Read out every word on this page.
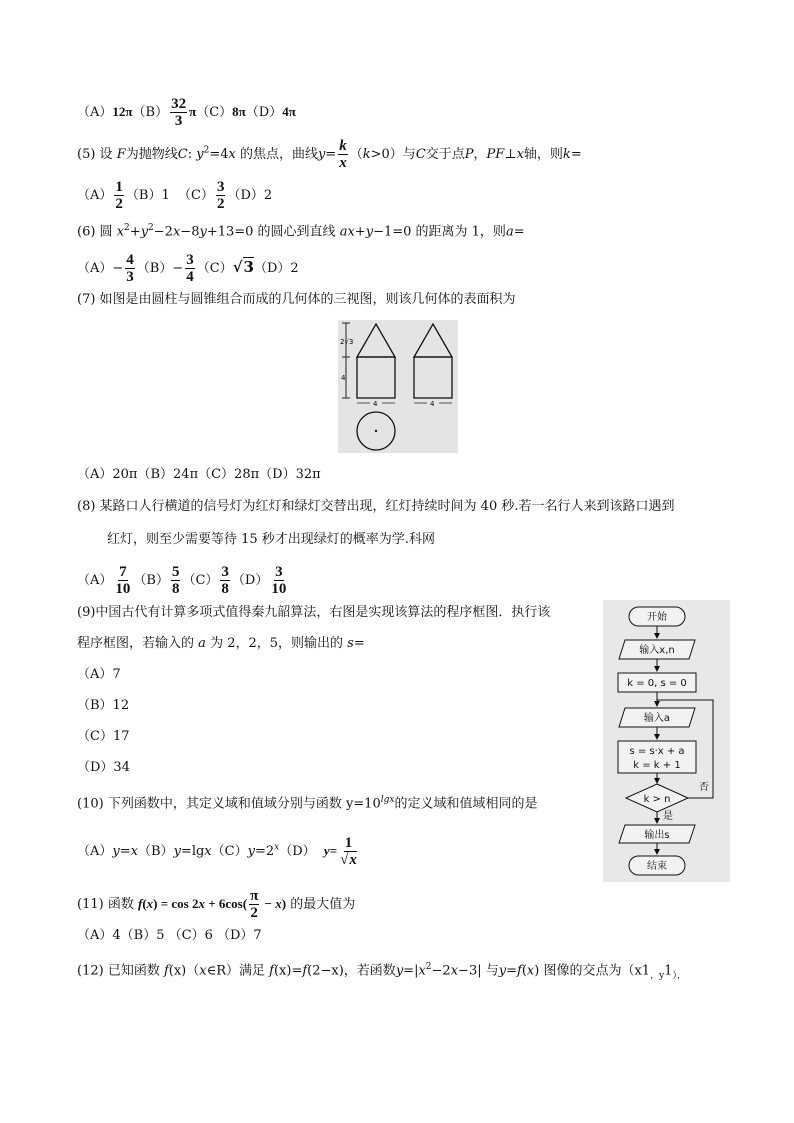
$(A)12\pi(B) \frac{32}{3} \pi(C)8\pi(D)4\pi$
(5) 设 F为抛物线C: $y^2=4x$ 的焦点，曲线$y= \frac{k}{x} (k>0)$与C交于点P，PF⊥x轴，则k=
$(A) \frac{1}{2} (B)1$ $(C) \frac{3}{2} (D)2$
(6) 圆 $x^2+y^2-2x-8y+13=0$ 的圆心到直线 ax+y−1=0 的距离为 1，则a=
$(A)- \frac{4}{3} (B)- \frac{3}{4} (C)√3(D)2$
(7) 如图是由圆柱与圆锥组合而成的几何体的三视图，则该几何体的表面积为
2√3
4
4	4
（A）20π（B）24π（C）28π（D）32π
(8) 某路口人行横道的信号灯为红灯和绿灯交替出现，红灯持续时间为 40 秒.若一名行人来到该路口遇到
红灯，则至少需要等待 15 秒才出现绿灯的概率为学.科网
$(A) \frac{7}{10} (B) \frac{5}{8} (C) \frac{3}{8} (D) \frac{3}{10}$
(9)中国古代有计算多项式值得秦九韶算法，右图是实现该算法的程序框图．执行该
程序框图，若输入的 a 为 2，2，5，则输出的 s=
（A）7
（B）12
（C）17
（D）34
开始
输入x,n
k = 0, s = 0
输入a
s = s·x + a
k = k + 1
k > n
否
是
输出s
结束
(10) 下列函数中，其定义域和值域分别与函数 $y=10^{lgx}$的定义域和值域相同的是
$(A)y=x(B)y=\lg x(C)y=2^x(D)$ $y= \frac{1}{√x}$
(11) 函数 $f(x) = \cos 2x + 6\cos( \frac{\pi}{2} - x)$ 的最大值为
（A）4（B）5 （C）6 （D）7
(12) 已知函数 f(x)（x∈R）满足 f(x)=f(2−x)，若函数$y=|x^2-2x-3|$ 与y=f(x) 图像的交点为（$x1_{,y}1_{),}$
